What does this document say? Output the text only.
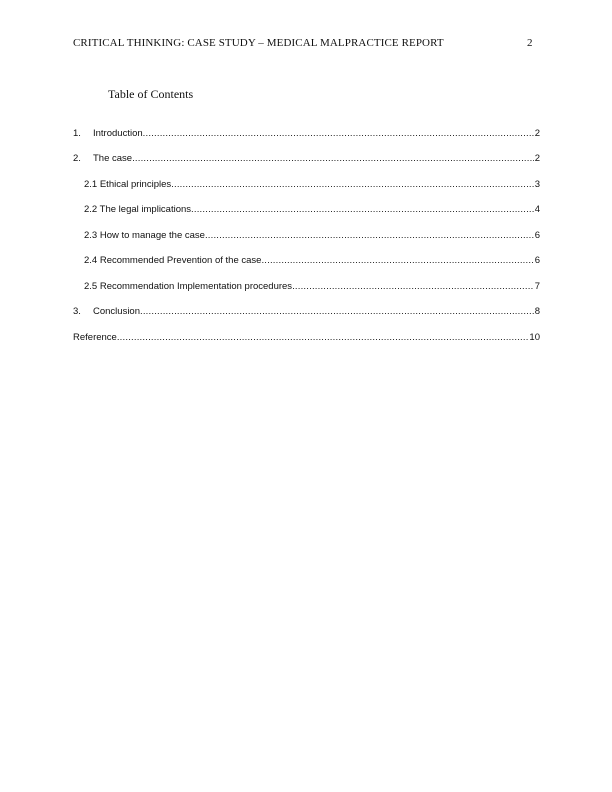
CRITICAL THINKING: CASE STUDY – MEDICAL MALPRACTICE REPORT	2
Table of Contents
1.	Introduction .....	2
2.	The case .....	2
2.1 Ethical principles .....	3
2.2 The legal implications .....	4
2.3 How to manage the case .....	6
2.4 Recommended Prevention of the case .....	6
2.5 Recommendation Implementation procedures .....	7
3.	Conclusion .....	8
Reference .....	10
